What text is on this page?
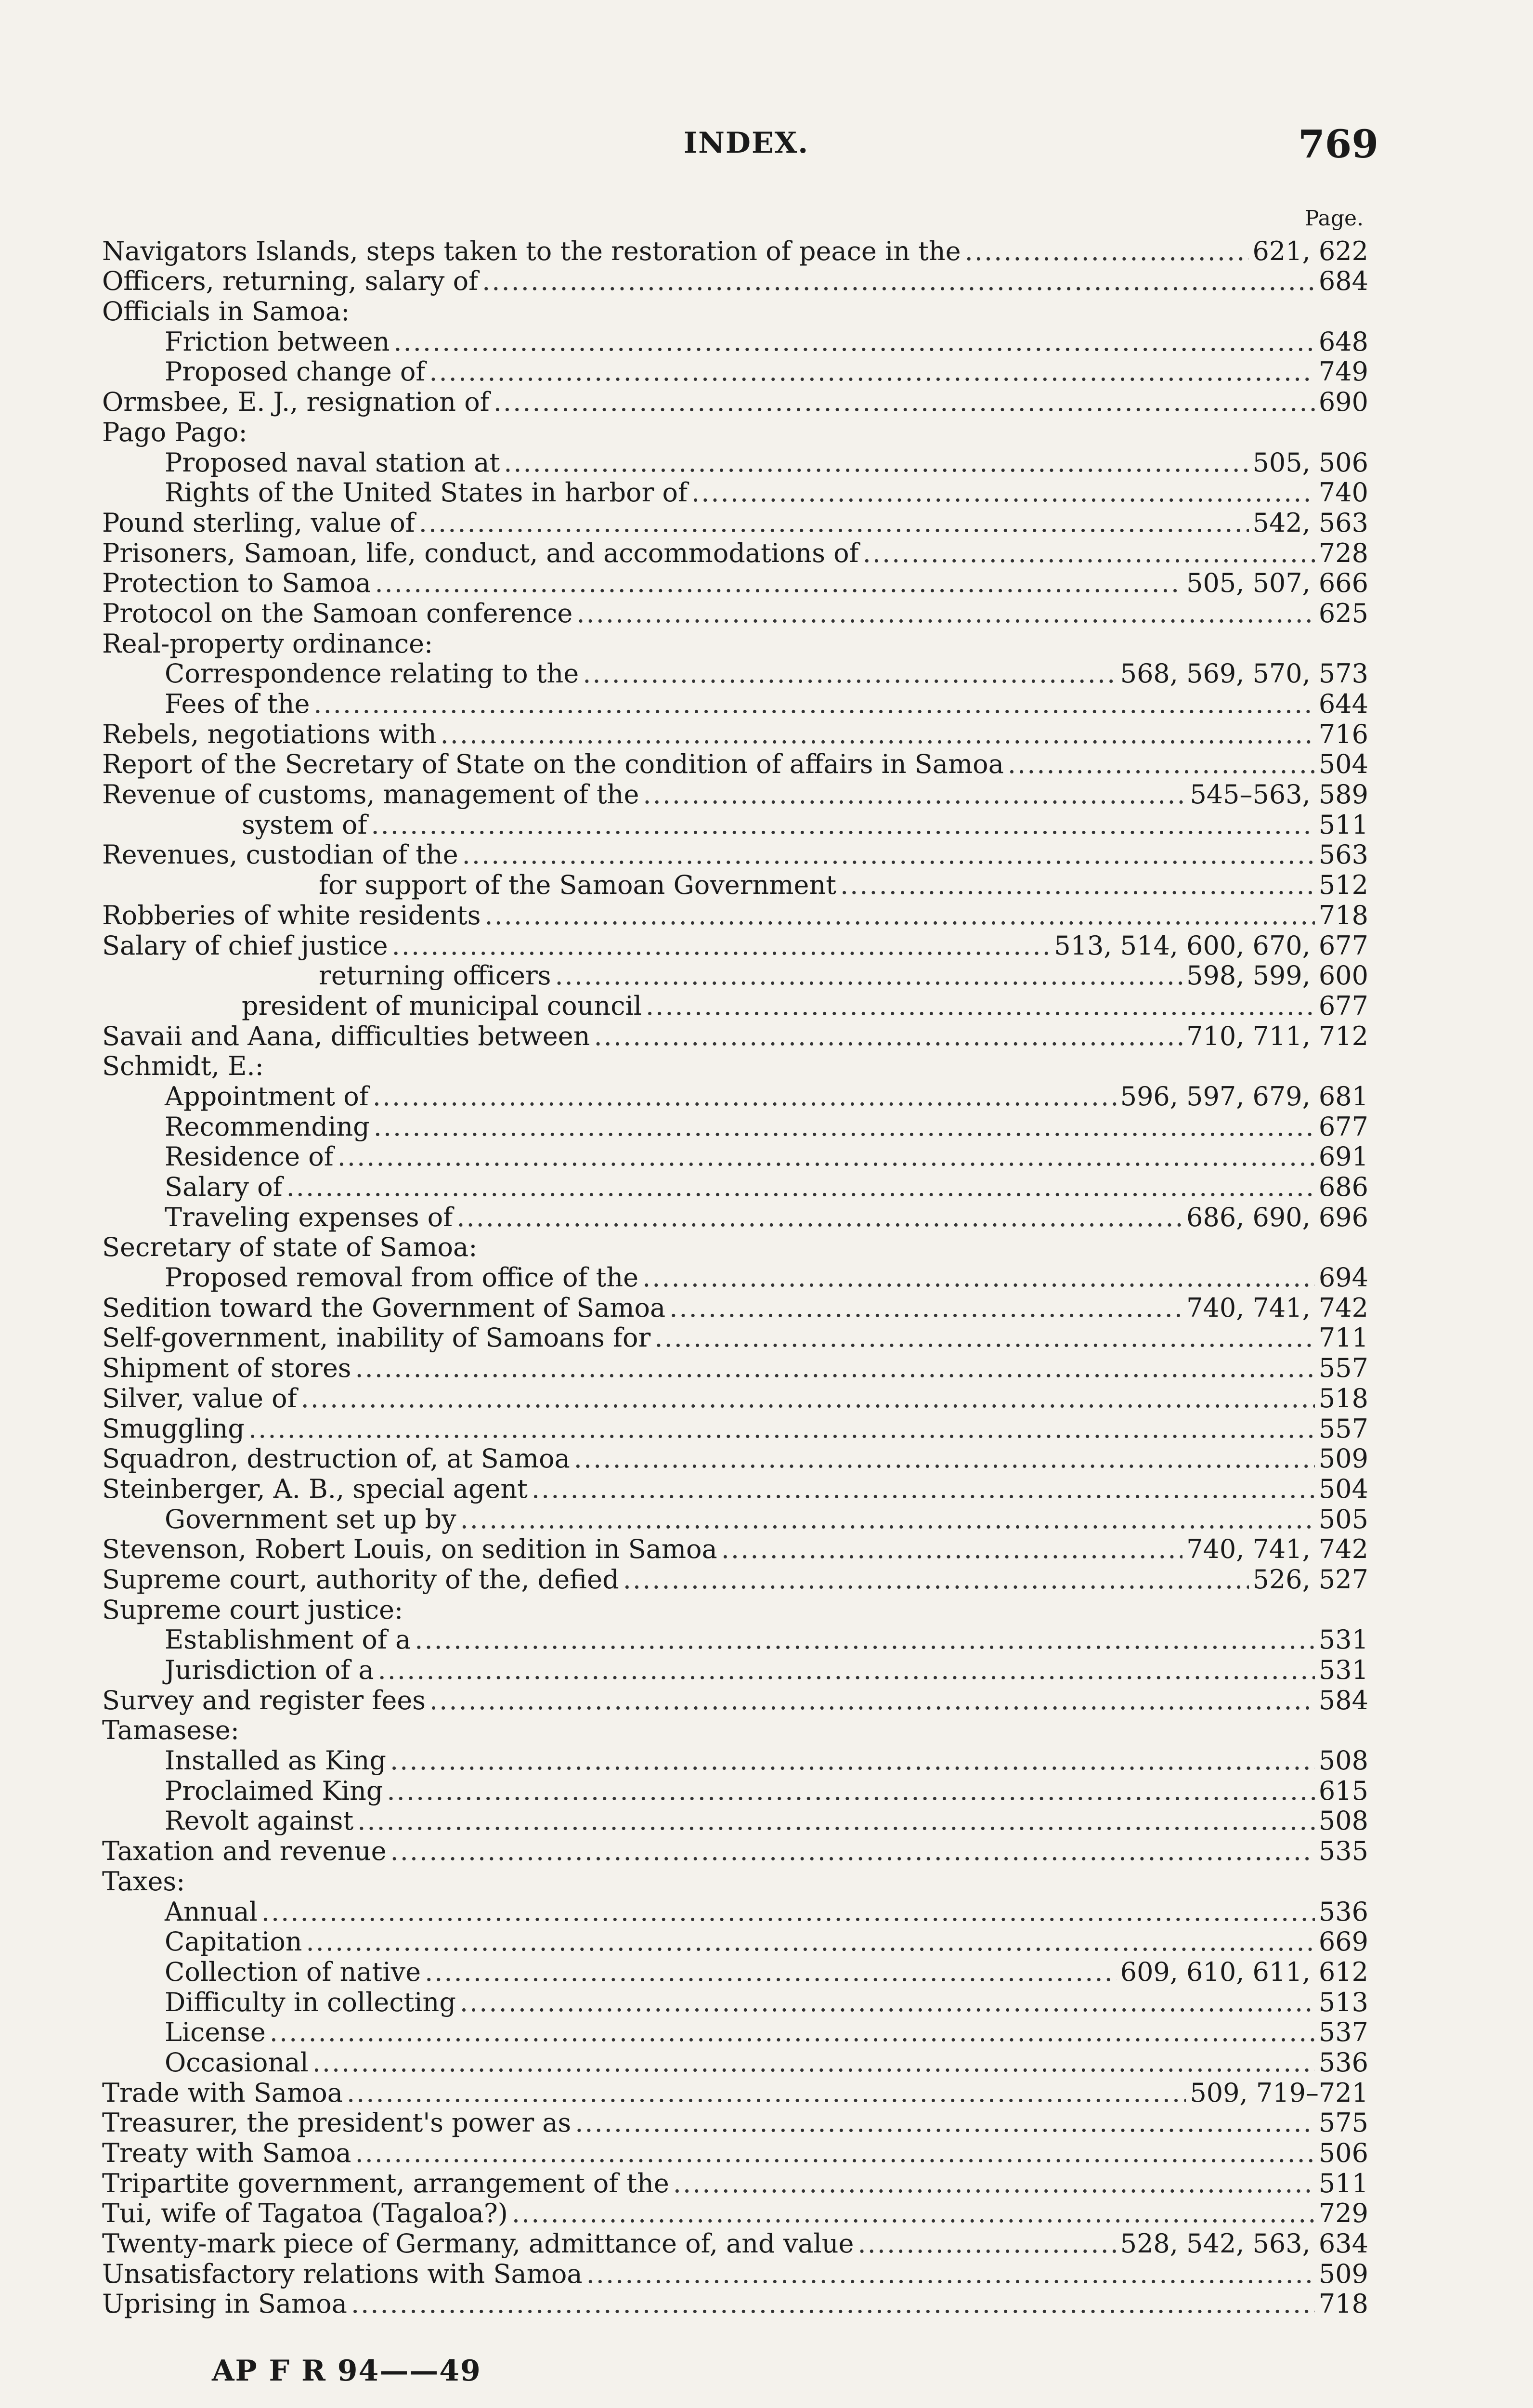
INDEX.	769
Page.
Navigators Islands, steps taken to the restoration of peace in the .....	621, 622
Officers, returning, salary of .....	684
Officials in Samoa:
Friction between .....	648
Proposed change of .....	749
Ormsbee, E. J., resignation of .....	690
Pago Pago:
Proposed naval station at .....	505, 506
Rights of the United States in harbor of .....	740
Pound sterling, value of .....	542, 563
Prisoners, Samoan, life, conduct, and accommodations of .....	728
Protection to Samoa .....	505, 507, 666
Protocol on the Samoan conference .....	625
Real-property ordinance:
Correspondence relating to the .....	568, 569, 570, 573
Fees of the .....	644
Rebels, negotiations with .....	716
Report of the Secretary of State on the condition of affairs in Samoa .....	504
Revenue of customs, management of the .....	545–563, 589
system of .....	511
Revenues, custodian of the .....	563
for support of the Samoan Government .....	512
Robberies of white residents .....	718
Salary of chief justice .....	513, 514, 600, 670, 677
returning officers .....	598, 599, 600
president of municipal council .....	677
Savaii and Aana, difficulties between .....	710, 711, 712
Schmidt, E.:
Appointment of .....	596, 597, 679, 681
Recommending .....	677
Residence of .....	691
Salary of .....	686
Traveling expenses of .....	686, 690, 696
Secretary of state of Samoa:
Proposed removal from office of the .....	694
Sedition toward the Government of Samoa .....	740, 741, 742
Self-government, inability of Samoans for .....	711
Shipment of stores .....	557
Silver, value of .....	518
Smuggling .....	557
Squadron, destruction of, at Samoa .....	509
Steinberger, A. B., special agent .....	504
Government set up by .....	505
Stevenson, Robert Louis, on sedition in Samoa .....	740, 741, 742
Supreme court, authority of the, defied .....	526, 527
Supreme court justice:
Establishment of a .....	531
Jurisdiction of a .....	531
Survey and register fees .....	584
Tamasese:
Installed as King .....	508
Proclaimed King .....	615
Revolt against .....	508
Taxation and revenue .....	535
Taxes:
Annual .....	536
Capitation .....	669
Collection of native .....	609, 610, 611, 612
Difficulty in collecting .....	513
License .....	537
Occasional .....	536
Trade with Samoa .....	509, 719–721
Treasurer, the president's power as .....	575
Treaty with Samoa .....	506
Tripartite government, arrangement of the .....	511
Tui, wife of Tagatoa (Tagaloa?) .....	729
Twenty-mark piece of Germany, admittance of, and value .....	528, 542, 563, 634
Unsatisfactory relations with Samoa .....	509
Uprising in Samoa .....	718
AP F R 94——49
